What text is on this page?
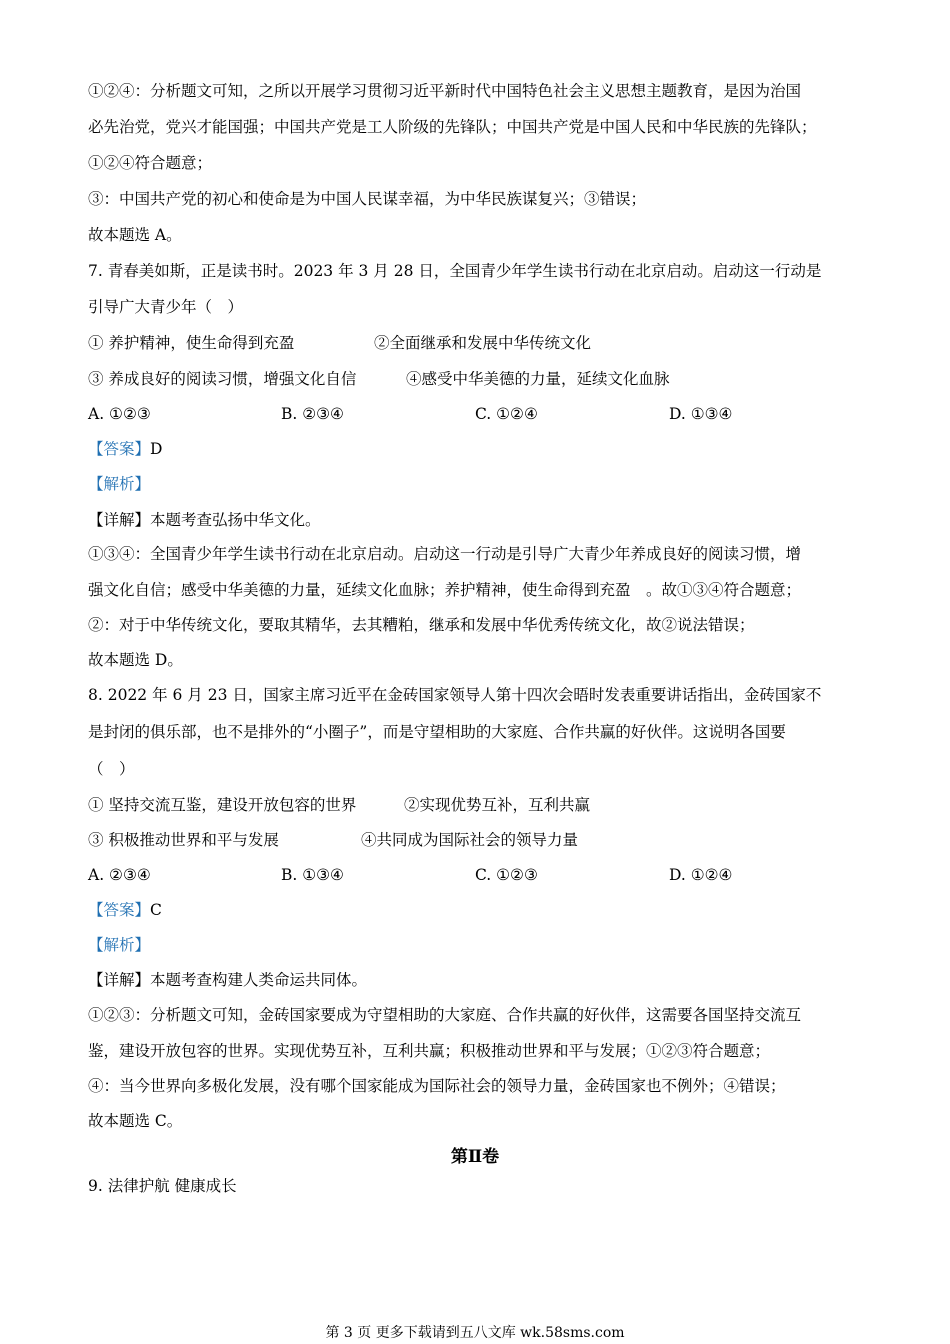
①②④：分析题文可知，之所以开展学习贯彻习近平新时代中国特色社会主义思想主题教育，是因为治国
必先治党，党兴才能国强；中国共产党是工人阶级的先锋队；中国共产党是中国人民和中华民族的先锋队；
①②④符合题意；
③：中国共产党的初心和使命是为中国人民谋幸福，为中华民族谋复兴；③错误；
故本题选 A。
7. 青春美如斯，正是读书时。2023 年 3 月 28 日，全国青少年学生读书行动在北京启动。启动这一行动是
引导广大青少年（　）
① 养护精神，使生命得到充盈	②全面继承和发展中华传统文化
③ 养成良好的阅读习惯，增强文化自信	④感受中华美德的力量，延续文化血脉
A. ①②③	B. ②③④	C. ①②④	D. ①③④
【答案】D
【解析】
【详解】本题考查弘扬中华文化。
①③④：全国青少年学生读书行动在北京启动。启动这一行动是引导广大青少年养成良好的阅读习惯，增
强文化自信；感受中华美德的力量，延续文化血脉；养护精神，使生命得到充盈　。故①③④符合题意；
②：对于中华传统文化，要取其精华，去其糟粕，继承和发展中华优秀传统文化，故②说法错误；
故本题选 D。
8. 2022 年 6 月 23 日，国家主席习近平在金砖国家领导人第十四次会晤时发表重要讲话指出，金砖国家不
是封闭的俱乐部，也不是排外的“小圈子”，而是守望相助的大家庭、合作共赢的好伙伴。这说明各国要
（　）
① 坚持交流互鉴，建设开放包容的世界	②实现优势互补，互利共赢
③ 积极推动世界和平与发展	④共同成为国际社会的领导力量
A. ②③④	B. ①③④	C. ①②③	D. ①②④
【答案】C
【解析】
【详解】本题考查构建人类命运共同体。
①②③：分析题文可知，金砖国家要成为守望相助的大家庭、合作共赢的好伙伴，这需要各国坚持交流互
鉴，建设开放包容的世界。实现优势互补，互利共赢；积极推动世界和平与发展；①②③符合题意；
④：当今世界向多极化发展，没有哪个国家能成为国际社会的领导力量，金砖国家也不例外；④错误；
故本题选 C。
第Ⅱ卷
9. 法律护航 健康成长
第 3 页 更多下载请到五八文库 wk.58sms.com
